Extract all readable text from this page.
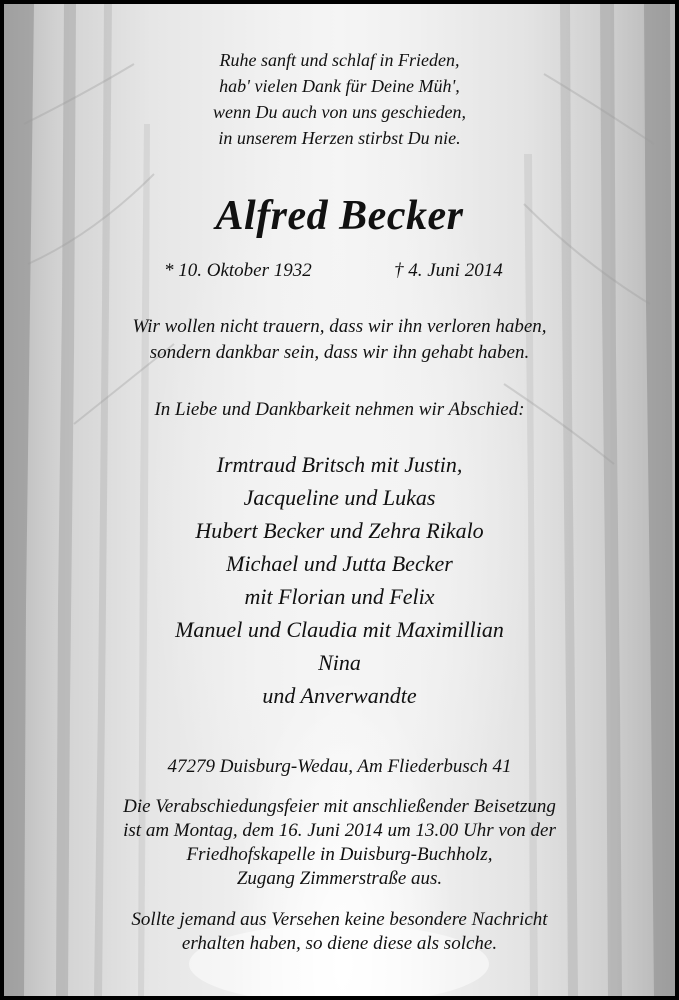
Ruhe sanft und schlaf in Frieden,
hab' vielen Dank für Deine Müh',
wenn Du auch von uns geschieden,
in unserem Herzen stirbst Du nie.
Alfred Becker
* 10. Oktober 1932	† 4. Juni 2014
Wir wollen nicht trauern, dass wir ihn verloren haben,
sondern dankbar sein, dass wir ihn gehabt haben.
In Liebe und Dankbarkeit nehmen wir Abschied:
Irmtraud Britsch mit Justin,
Jacqueline und Lukas
Hubert Becker und Zehra Rikalo
Michael und Jutta Becker
mit Florian und Felix
Manuel und Claudia mit Maximillian
Nina
und Anverwandte
47279 Duisburg-Wedau, Am Fliederbusch 41
Die Verabschiedungsfeier mit anschließender Beisetzung
ist am Montag, dem 16. Juni 2014 um 13.00 Uhr von der
Friedhofskapelle in Duisburg-Buchholz,
Zugang Zimmerstraße aus.
Sollte jemand aus Versehen keine besondere Nachricht
erhalten haben, so diene diese als solche.
